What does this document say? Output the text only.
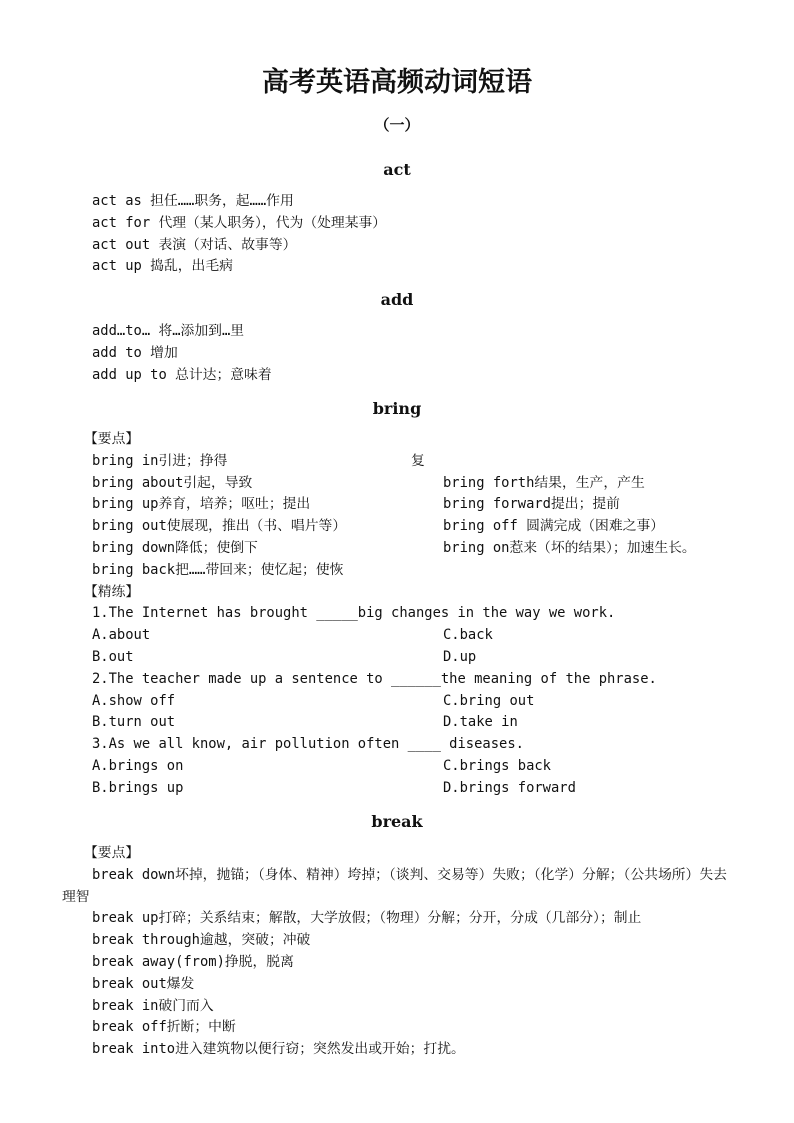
高考英语高频动词短语
（一）
act
act as 担任……职务，起……作用
act for 代理（某人职务），代为（处理某事）
act out 表演（对话、故事等）
act up 捣乱，出毛病
add
add…to… 将…添加到…里
add to 增加
add up to 总计达；意味着
bring
【要点】
bring in引进；挣得	复
bring about引起，导致	bring forth结果，生产，产生
bring up养育，培养；呕吐；提出	bring forward提出；提前
bring out使展现，推出（书、唱片等）	bring off 圆满完成（困难之事）
bring down降低；使倒下	bring on惹来（坏的结果）；加速生长。
bring back把……带回来；使忆起；使恢
【精练】
1.The Internet has brought _____big changes in the way we work.
A.about	C.back
B.out	D.up
2.The teacher made up a sentence to ______the meaning of the phrase.
A.show off	C.bring out
B.turn out	D.take in
3.As we all know, air pollution often ____ diseases.
A.brings on	C.brings back
B.brings up	D.brings forward
break
【要点】
break down坏掉，抛锚；（身体、精神）垮掉；（谈判、交易等）失败；（化学）分解；（公共场所）失去理智
break up打碎；关系结束；解散，大学放假；（物理）分解；分开，分成（几部分）；制止
break through逾越，突破；冲破
break away(from)挣脱，脱离
break out爆发
break in破门而入
break off折断；中断
break into进入建筑物以便行窃；突然发出或开始；打扰。
